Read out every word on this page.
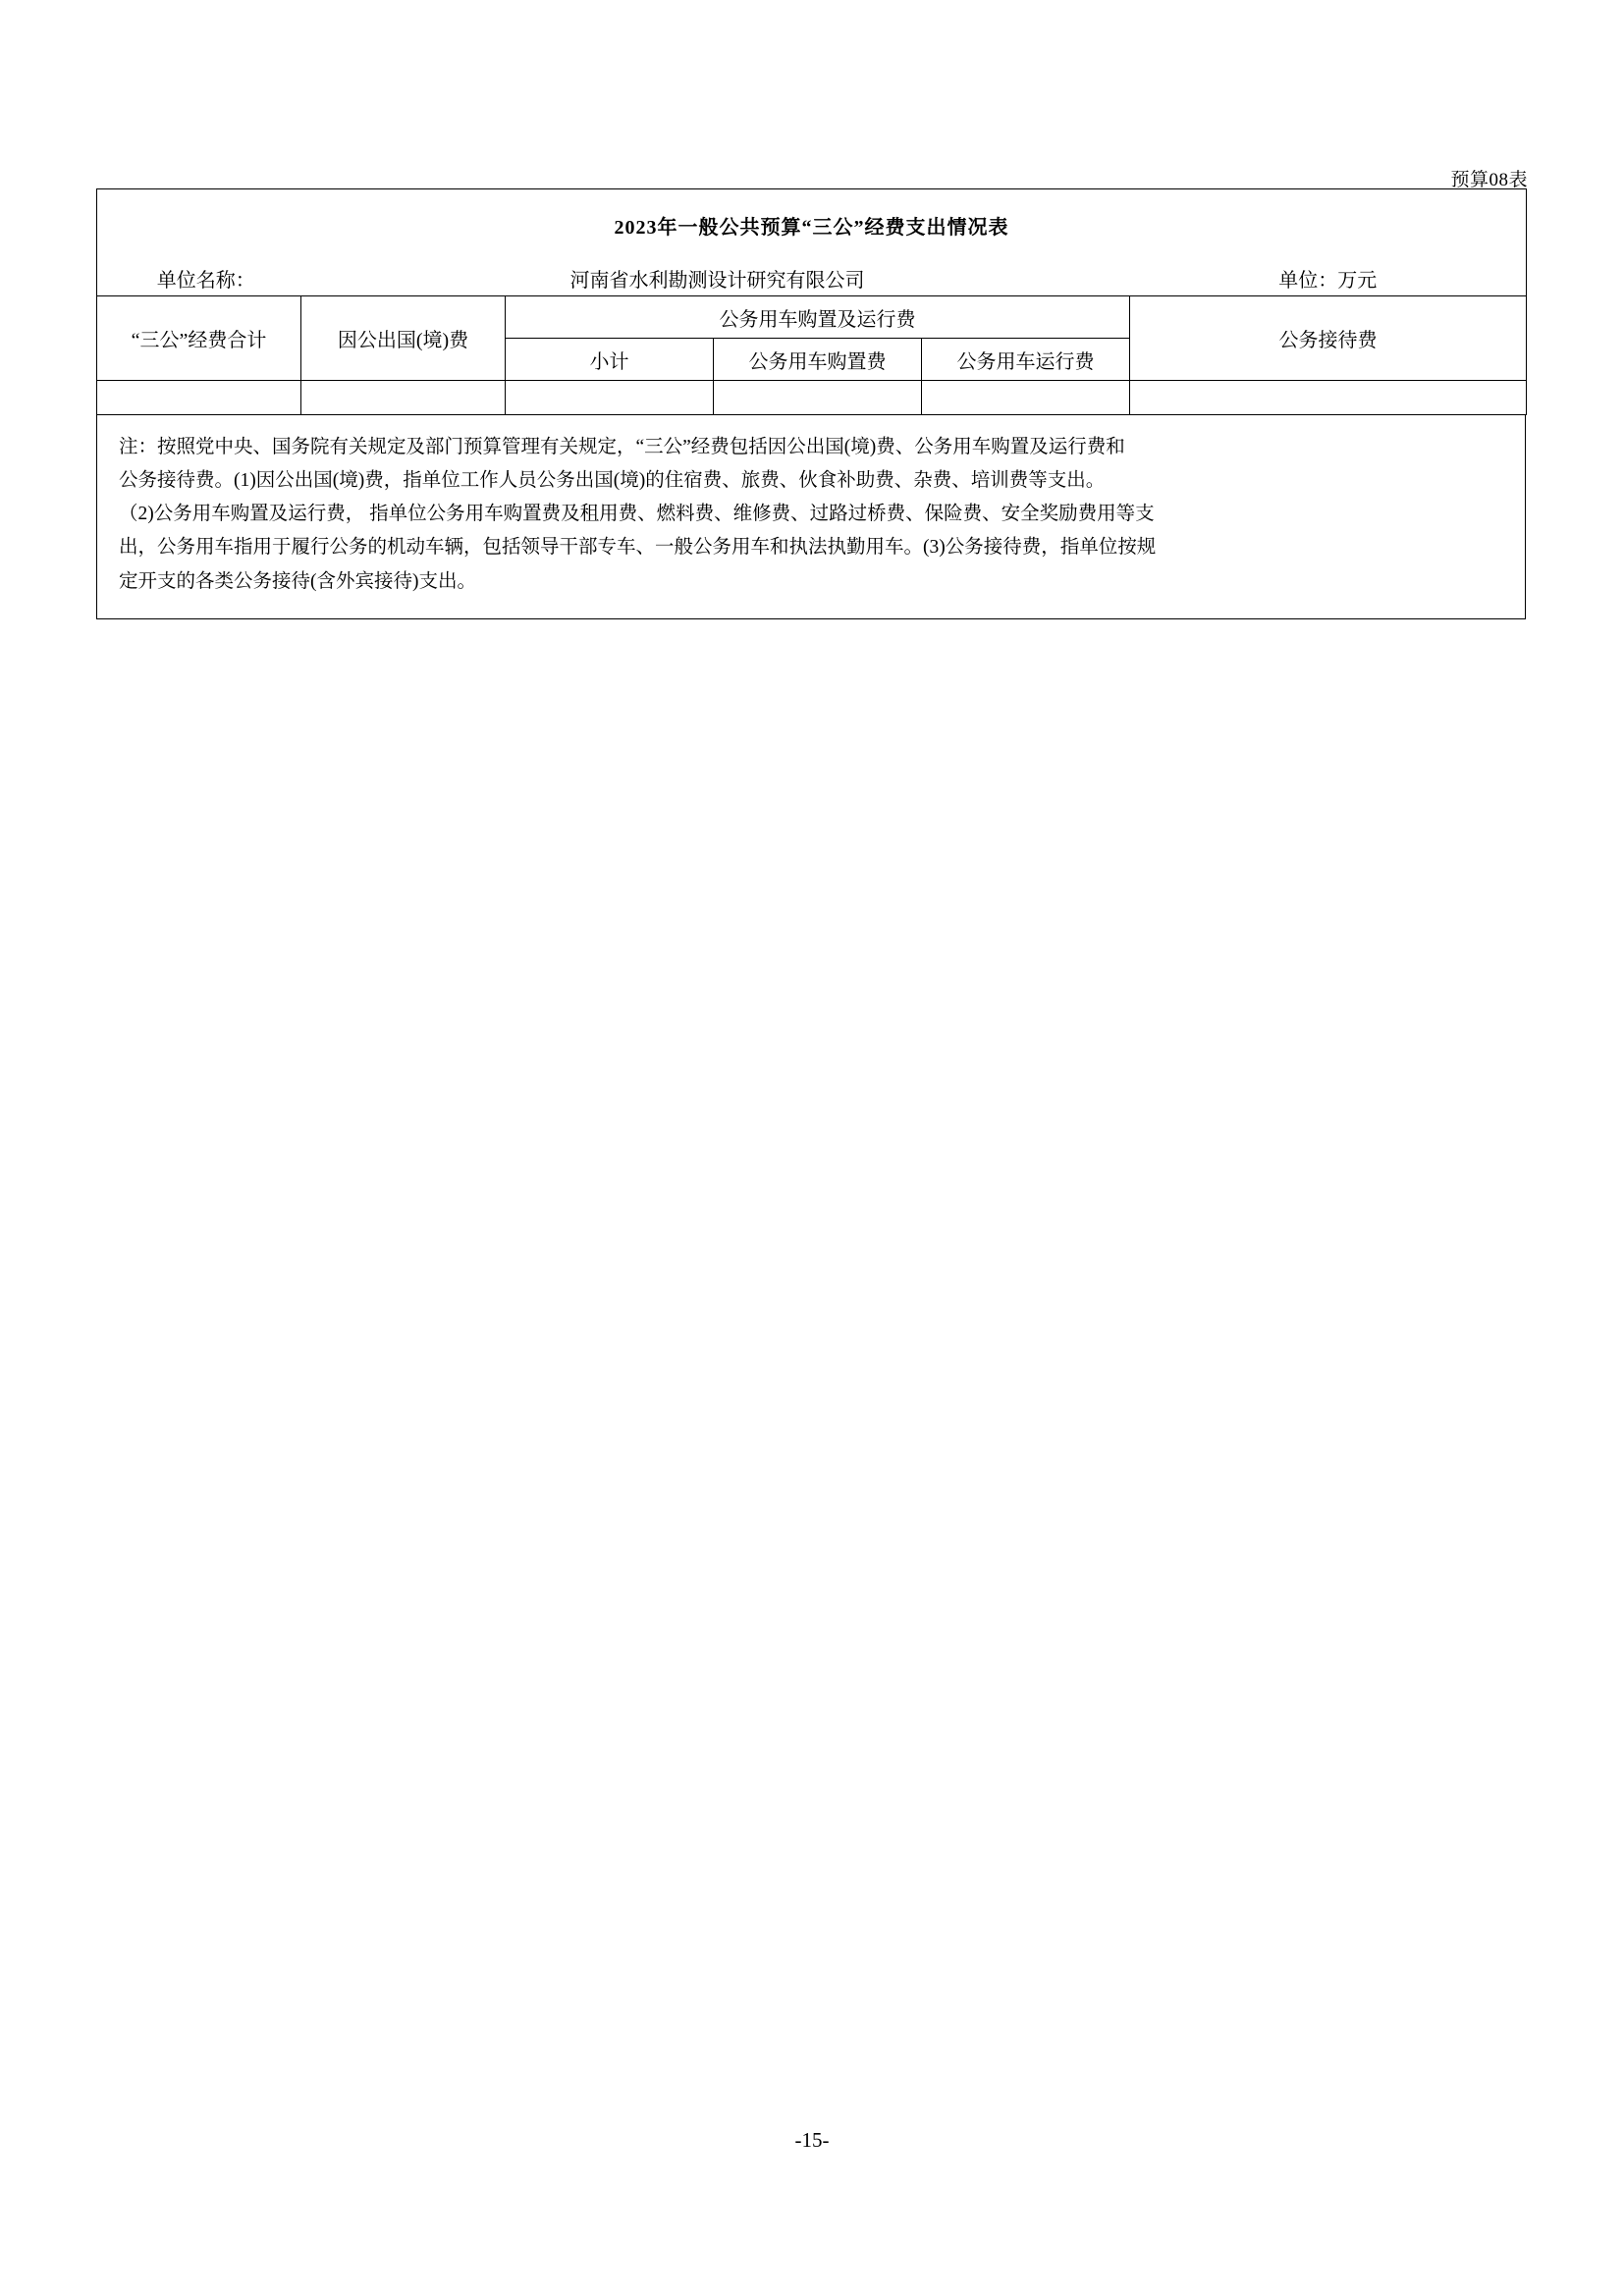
预算08表
2023年一般公共预算“三公”经费支出情况表					
单位名称：	河南省水利勘测设计研究有限公司				单位：万元
“三公”经费合计	因公出国(境)费	公务用车购置及运行费			公务接待费
		小计	公务用车购置费	公务用车运行费	

注：按照党中央、国务院有关规定及部门预算管理有关规定，“三公”经费包括因公出国(境)费、公务用车购置及运行费和

公务接待费。(1)因公出国(境)费，指单位工作人员公务出国(境)的住宿费、旅费、伙食补助费、杂费、培训费等支出。

（2)公务用车购置及运行费， 指单位公务用车购置费及租用费、燃料费、维修费、过路过桥费、保险费、安全奖励费用等支

出，公务用车指用于履行公务的机动车辆，包括领导干部专车、一般公务用车和执法执勤用车。(3)公务接待费，指单位按规

定开支的各类公务接待(含外宾接待)支出。

-15-
